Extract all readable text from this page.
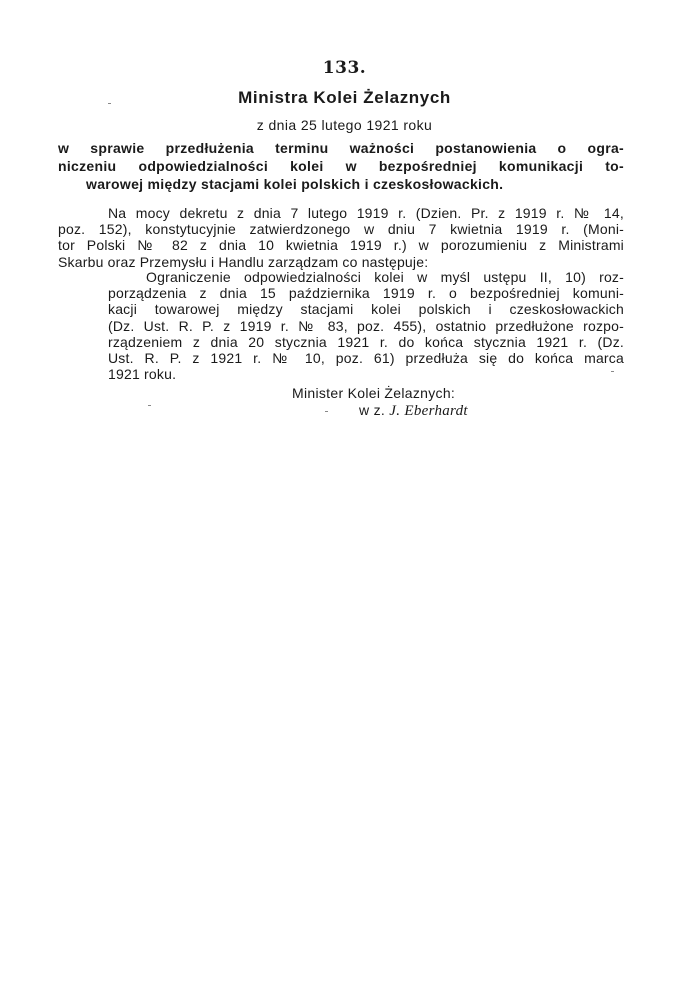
133.
Ministra Kolei Żelaznych
z dnia 25 lutego 1921 roku
w sprawie przedłużenia terminu ważności postanowienia o ogra-
niczeniu odpowiedzialności kolei w bezpośredniej komunikacji to-
warowej między stacjami kolei polskich i czeskosłowackich.
Na mocy dekretu z dnia 7 lutego 1919 r. (Dzien. Pr. z 1919 r. № 14,
poz. 152), konstytucyjnie zatwierdzonego w dniu 7 kwietnia 1919 r. (Moni-
tor Polski № 82 z dnia 10 kwietnia 1919 r.) w porozumieniu z Ministrami
Skarbu oraz Przemysłu i Handlu zarządzam co następuje:
Ograniczenie odpowiedzialności kolei w myśl ustępu II, 10) roz-
porządzenia z dnia 15 października 1919 r. o bezpośredniej komuni-
kacji towarowej między stacjami kolei polskich i czeskosłowackich
(Dz. Ust. R. P. z 1919 r. № 83, poz. 455), ostatnio przedłużone rozpo-
rządzeniem z dnia 20 stycznia 1921 r. do końca stycznia 1921 r. (Dz.
Ust. R. P. z 1921 r. № 10, poz. 61) przedłuża się do końca marca
1921 roku.
Minister Kolei Żelaznych:
w z. J. Eberhardt
